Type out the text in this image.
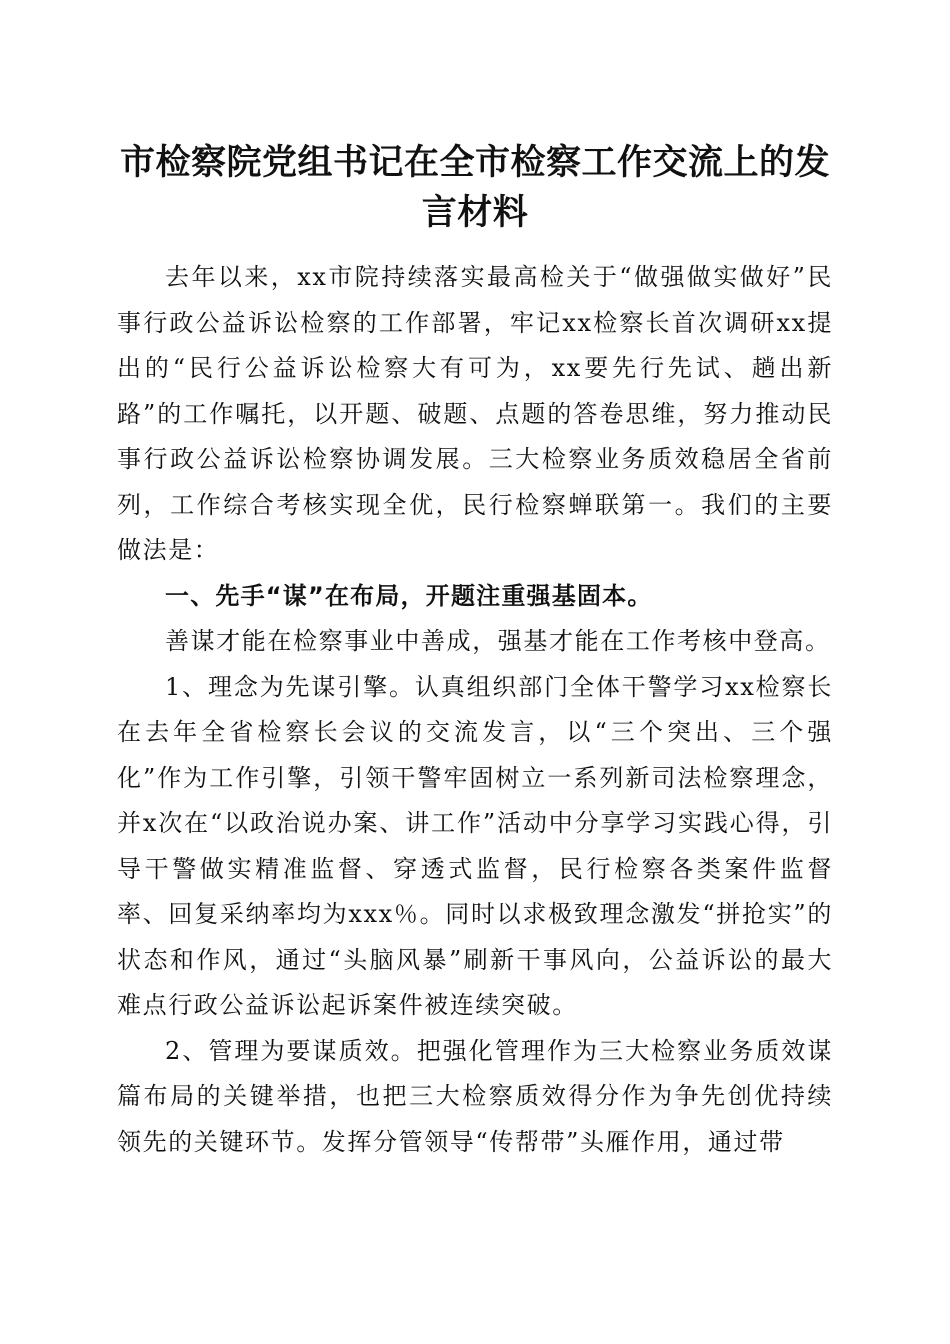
市检察院党组书记在全市检察工作交流上的发言材料

去年以来，xx市院持续落实最高检关于“做强做实做好”民事行政公益诉讼检察的工作部署，牢记xx检察长首次调研xx提出的“民行公益诉讼检察大有可为，xx要先行先试、趟出新路”的工作嘱托，以开题、破题、点题的答卷思维，努力推动民事行政公益诉讼检察协调发展。三大检察业务质效稳居全省前列，工作综合考核实现全优，民行检察蝉联第一。我们的主要做法是：

一、先手“谋”在布局，开题注重强基固本。

善谋才能在检察事业中善成，强基才能在工作考核中登高。

1、理念为先谋引擎。认真组织部门全体干警学习xx检察长在去年全省检察长会议的交流发言，以“三个突出、三个强化”作为工作引擎，引领干警牢固树立一系列新司法检察理念，并x次在“以政治说办案、讲工作”活动中分享学习实践心得，引导干警做实精准监督、穿透式监督，民行检察各类案件监督率、回复采纳率均为xxx％。同时以求极致理念激发“拼抢实”的状态和作风，通过“头脑风暴”刷新干事风向，公益诉讼的最大难点行政公益诉讼起诉案件被连续突破。

2、管理为要谋质效。把强化管理作为三大检察业务质效谋篇布局的关键举措，也把三大检察质效得分作为争先创优持续领先的关键环节。发挥分管领导“传帮带”头雁作用，通过带
